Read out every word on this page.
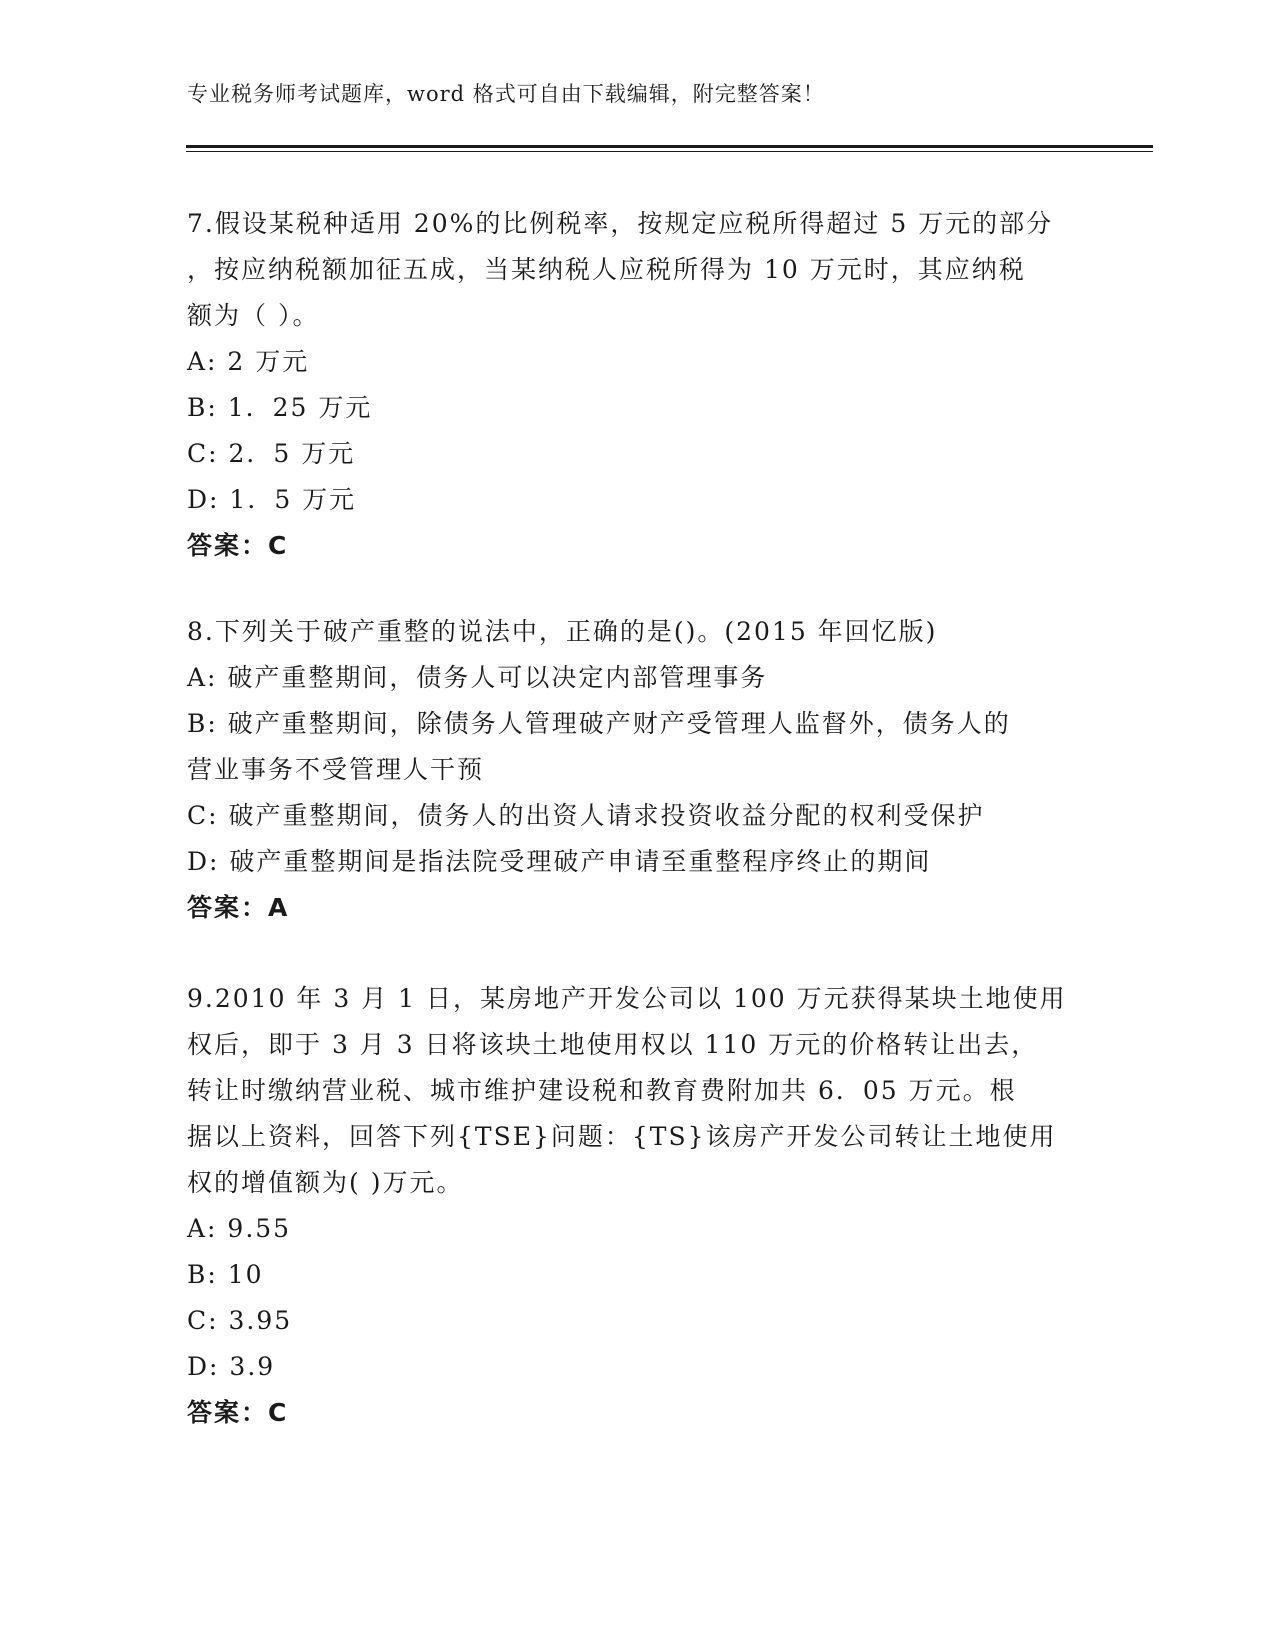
专业税务师考试题库，word 格式可自由下载编辑，附完整答案！
7.假设某税种适用 20%的比例税率，按规定应税所得超过 5 万元的部分
，按应纳税额加征五成，当某纳税人应税所得为 10 万元时，其应纳税
额为（ ）。
A: 2 万元
B: 1．25 万元
C: 2．5 万元
D: 1．5 万元
答案：C
8.下列关于破产重整的说法中，正确的是()。(2015 年回忆版)
A: 破产重整期间，债务人可以决定内部管理事务
B: 破产重整期间，除债务人管理破产财产受管理人监督外，债务人的
营业事务不受管理人干预
C: 破产重整期间，债务人的出资人请求投资收益分配的权利受保护
D: 破产重整期间是指法院受理破产申请至重整程序终止的期间
答案：A
9.2010 年 3 月 1 日，某房地产开发公司以 100 万元获得某块土地使用
权后，即于 3 月 3 日将该块土地使用权以 110 万元的价格转让出去，
转让时缴纳营业税、城市维护建设税和教育费附加共 6．05 万元。根
据以上资料，回答下列{TSE}问题：{TS}该房产开发公司转让土地使用
权的增值额为( )万元。
A: 9.55
B: 10
C: 3.95
D: 3.9
答案：C
